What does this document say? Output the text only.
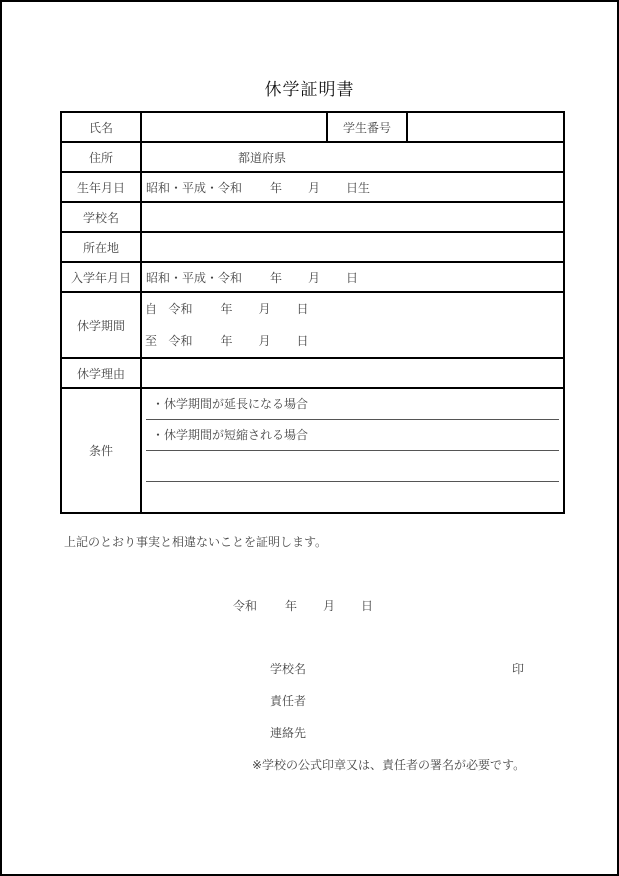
休学証明書
氏名		学生番号	
住所	都道府県		
生年月日	昭和・平成・令和 年 月 日生		
学校名			
所在地			
入学年月日	昭和・平成・令和 年 月 日		
休学期間	自 令和 年 月 日
至 令和 年 月 日		

休学理由			
条件	・休学期間が延長になる場合
・休学期間が短縮される場合		
上記のとおり事実と相違ないことを証明します。
令和 年 月 日
学校名	印
責任者
連絡先
※学校の公式印章又は、責任者の署名が必要です。
